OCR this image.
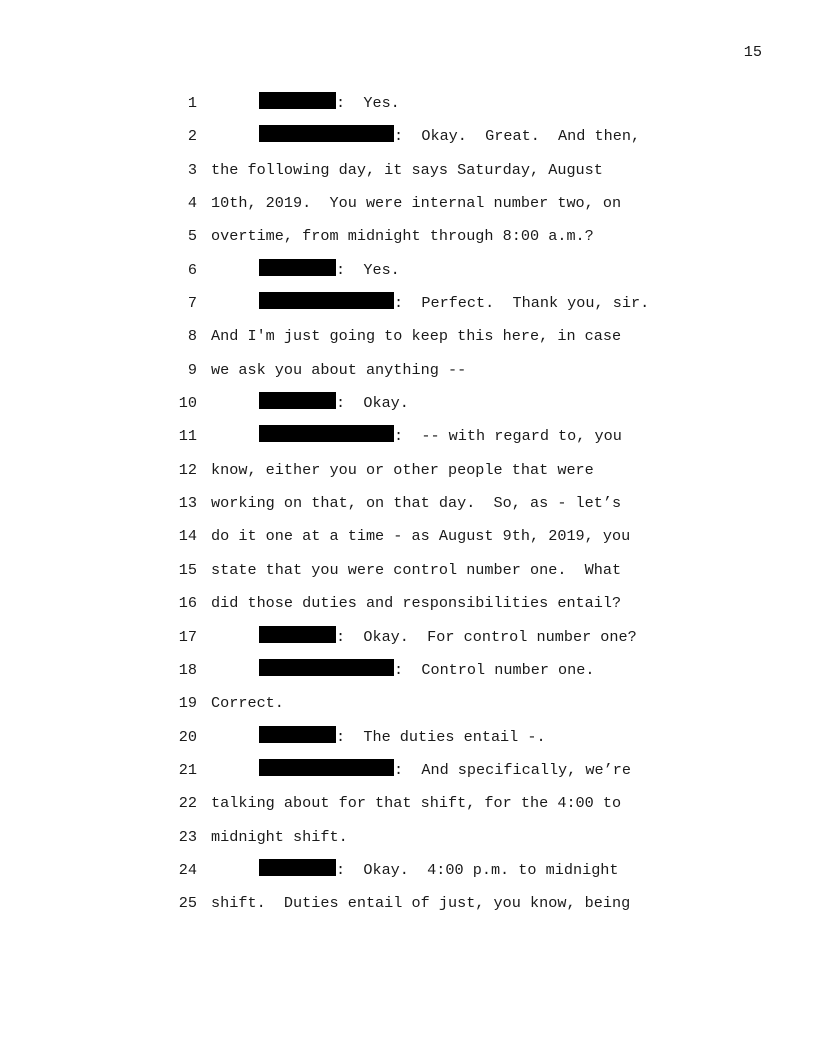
15
1	:  Yes.
2	:  Okay.  Great.  And then,
3 the following day, it says Saturday, August
4 10th, 2019.  You were internal number two, on
5 overtime, from midnight through 8:00 a.m.?
6	:  Yes.
7	:  Perfect.  Thank you, sir.
8 And I'm just going to keep this here, in case
9 we ask you about anything --
10	:  Okay.
11	:  -- with regard to, you
12 know, either you or other people that were
13 working on that, on that day.  So, as - let’s
14 do it one at a time - as August 9th, 2019, you
15 state that you were control number one.  What
16 did those duties and responsibilities entail?
17	:  Okay.  For control number one?
18	:  Control number one.
19 Correct.
20	:  The duties entail -.
21	:  And specifically, we’re
22 talking about for that shift, for the 4:00 to
23 midnight shift.
24	:  Okay.  4:00 p.m. to midnight
25 shift.  Duties entail of just, you know, being
